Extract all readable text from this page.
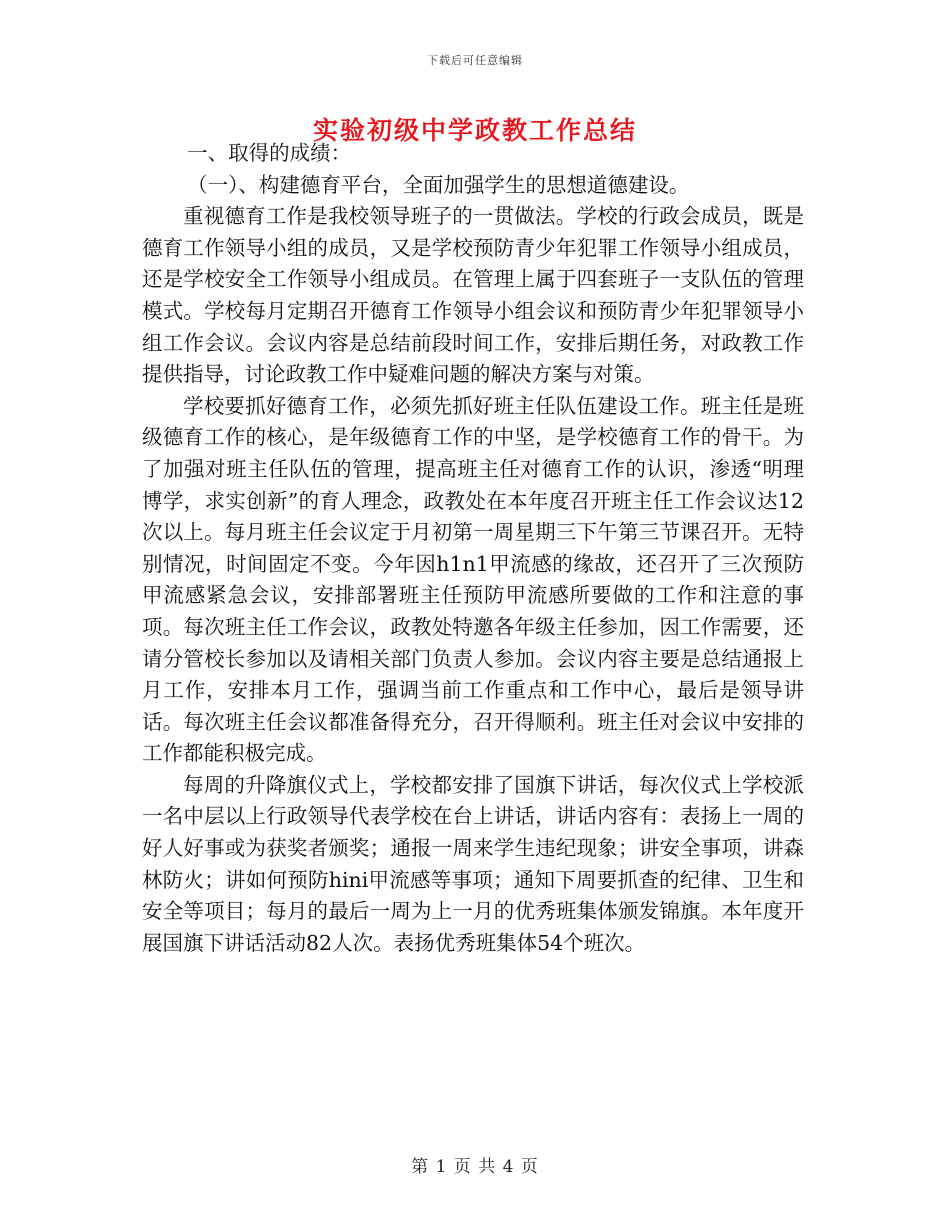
下载后可任意编辑
实验初级中学政教工作总结

一、取得的成绩：

（一）、构建德育平台，全面加强学生的思想道德建设。

重视德育工作是我校领导班子的一贯做法。学校的行政会成员，既是德育工作领导小组的成员，又是学校预防青少年犯罪工作领导小组成员，还是学校安全工作领导小组成员。在管理上属于四套班子一支队伍的管理模式。学校每月定期召开德育工作领导小组会议和预防青少年犯罪领导小组工作会议。会议内容是总结前段时间工作，安排后期任务，对政教工作提供指导，讨论政教工作中疑难问题的解决方案与对策。

学校要抓好德育工作，必须先抓好班主任队伍建设工作。班主任是班级德育工作的核心，是年级德育工作的中坚，是学校德育工作的骨干。为了加强对班主任队伍的管理，提高班主任对德育工作的认识，渗透“明理博学，求实创新”的育人理念，政教处在本年度召开班主任工作会议达12次以上。每月班主任会议定于月初第一周星期三下午第三节课召开。无特别情况，时间固定不变。今年因h1n1甲流感的缘故，还召开了三次预防甲流感紧急会议，安排部署班主任预防甲流感所要做的工作和注意的事项。每次班主任工作会议，政教处特邀各年级主任参加，因工作需要，还请分管校长参加以及请相关部门负责人参加。会议内容主要是总结通报上月工作，安排本月工作，强调当前工作重点和工作中心，最后是领导讲话。每次班主任会议都准备得充分，召开得顺利。班主任对会议中安排的工作都能积极完成。

每周的升降旗仪式上，学校都安排了国旗下讲话，每次仪式上学校派一名中层以上行政领导代表学校在台上讲话，讲话内容有：表扬上一周的好人好事或为获奖者颁奖；通报一周来学生违纪现象；讲安全事项，讲森林防火；讲如何预防hini甲流感等事项；通知下周要抓查的纪律、卫生和安全等项目；每月的最后一周为上一月的优秀班集体颁发锦旗。本年度开展国旗下讲话活动82人次。表扬优秀班集体54个班次。

第 1 页 共 4 页
